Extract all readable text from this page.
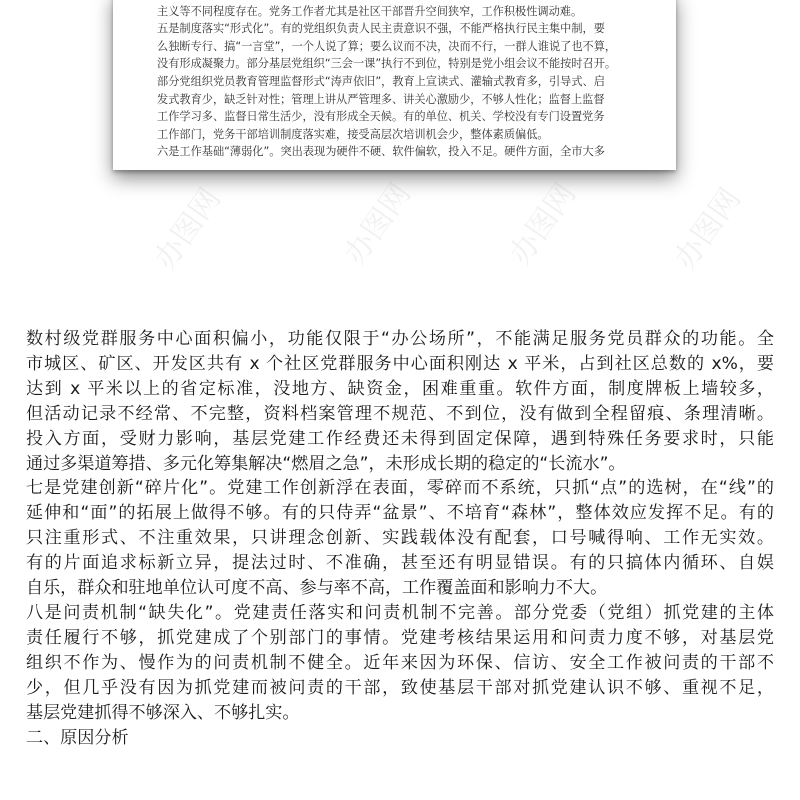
主义等不同程度存在。党务工作者尤其是社区干部晋升空间狭窄，工作积极性调动难。

五是制度落实“形式化”。有的党组织负责人民主责意识不强，不能严格执行民主集中制，要

么独断专行、搞“一言堂”，一个人说了算；要么议而不决，决而不行，一群人谁说了也不算，

没有形成凝聚力。部分基层党组织“三会一课”执行不到位，特别是党小组会议不能按时召开。

部分党组织党员教育管理监督形式“涛声依旧”，教育上宣读式、灌输式教育多，引导式、启

发式教育少，缺乏针对性；管理上讲从严管理多、讲关心激励少，不够人性化；监督上监督

工作学习多、监督日常生活少，没有形成全天候。有的单位、机关、学校没有专门设置党务

工作部门，党务干部培训制度落实难，接受高层次培训机会少，整体素质偏低。

六是工作基础“薄弱化”。突出表现为硬件不硬、软件偏软，投入不足。硬件方面，全市大多

办图网	办图网	办图网	办图网

数村级党群服务中心面积偏小，功能仅限于“办公场所”，不能满足服务党员群众的功能。全

市城区、矿区、开发区共有 x 个社区党群服务中心面积刚达 x 平米，占到社区总数的 x%，要

达到 x 平米以上的省定标准，没地方、缺资金，困难重重。软件方面，制度牌板上墙较多，

但活动记录不经常、不完整，资料档案管理不规范、不到位，没有做到全程留痕、条理清晰。

投入方面，受财力影响，基层党建工作经费还未得到固定保障，遇到特殊任务要求时，只能

通过多渠道筹措、多元化筹集解决“燃眉之急”，未形成长期的稳定的“长流水”。

七是党建创新“碎片化”。党建工作创新浮在表面，零碎而不系统，只抓“点”的选树，在“线”的

延伸和“面”的拓展上做得不够。有的只侍弄“盆景”、不培育“森林”，整体效应发挥不足。有的

只注重形式、不注重效果，只讲理念创新、实践载体没有配套，口号喊得响、工作无实效。

有的片面追求标新立异，提法过时、不准确，甚至还有明显错误。有的只搞体内循环、自娱

自乐，群众和驻地单位认可度不高、参与率不高，工作覆盖面和影响力不大。

八是问责机制“缺失化”。党建责任落实和问责机制不完善。部分党委（党组）抓党建的主体

责任履行不够，抓党建成了个别部门的事情。党建考核结果运用和问责力度不够，对基层党

组织不作为、慢作为的问责机制不健全。近年来因为环保、信访、安全工作被问责的干部不

少，但几乎没有因为抓党建而被问责的干部，致使基层干部对抓党建认识不够、重视不足，

基层党建抓得不够深入、不够扎实。

二、原因分析
